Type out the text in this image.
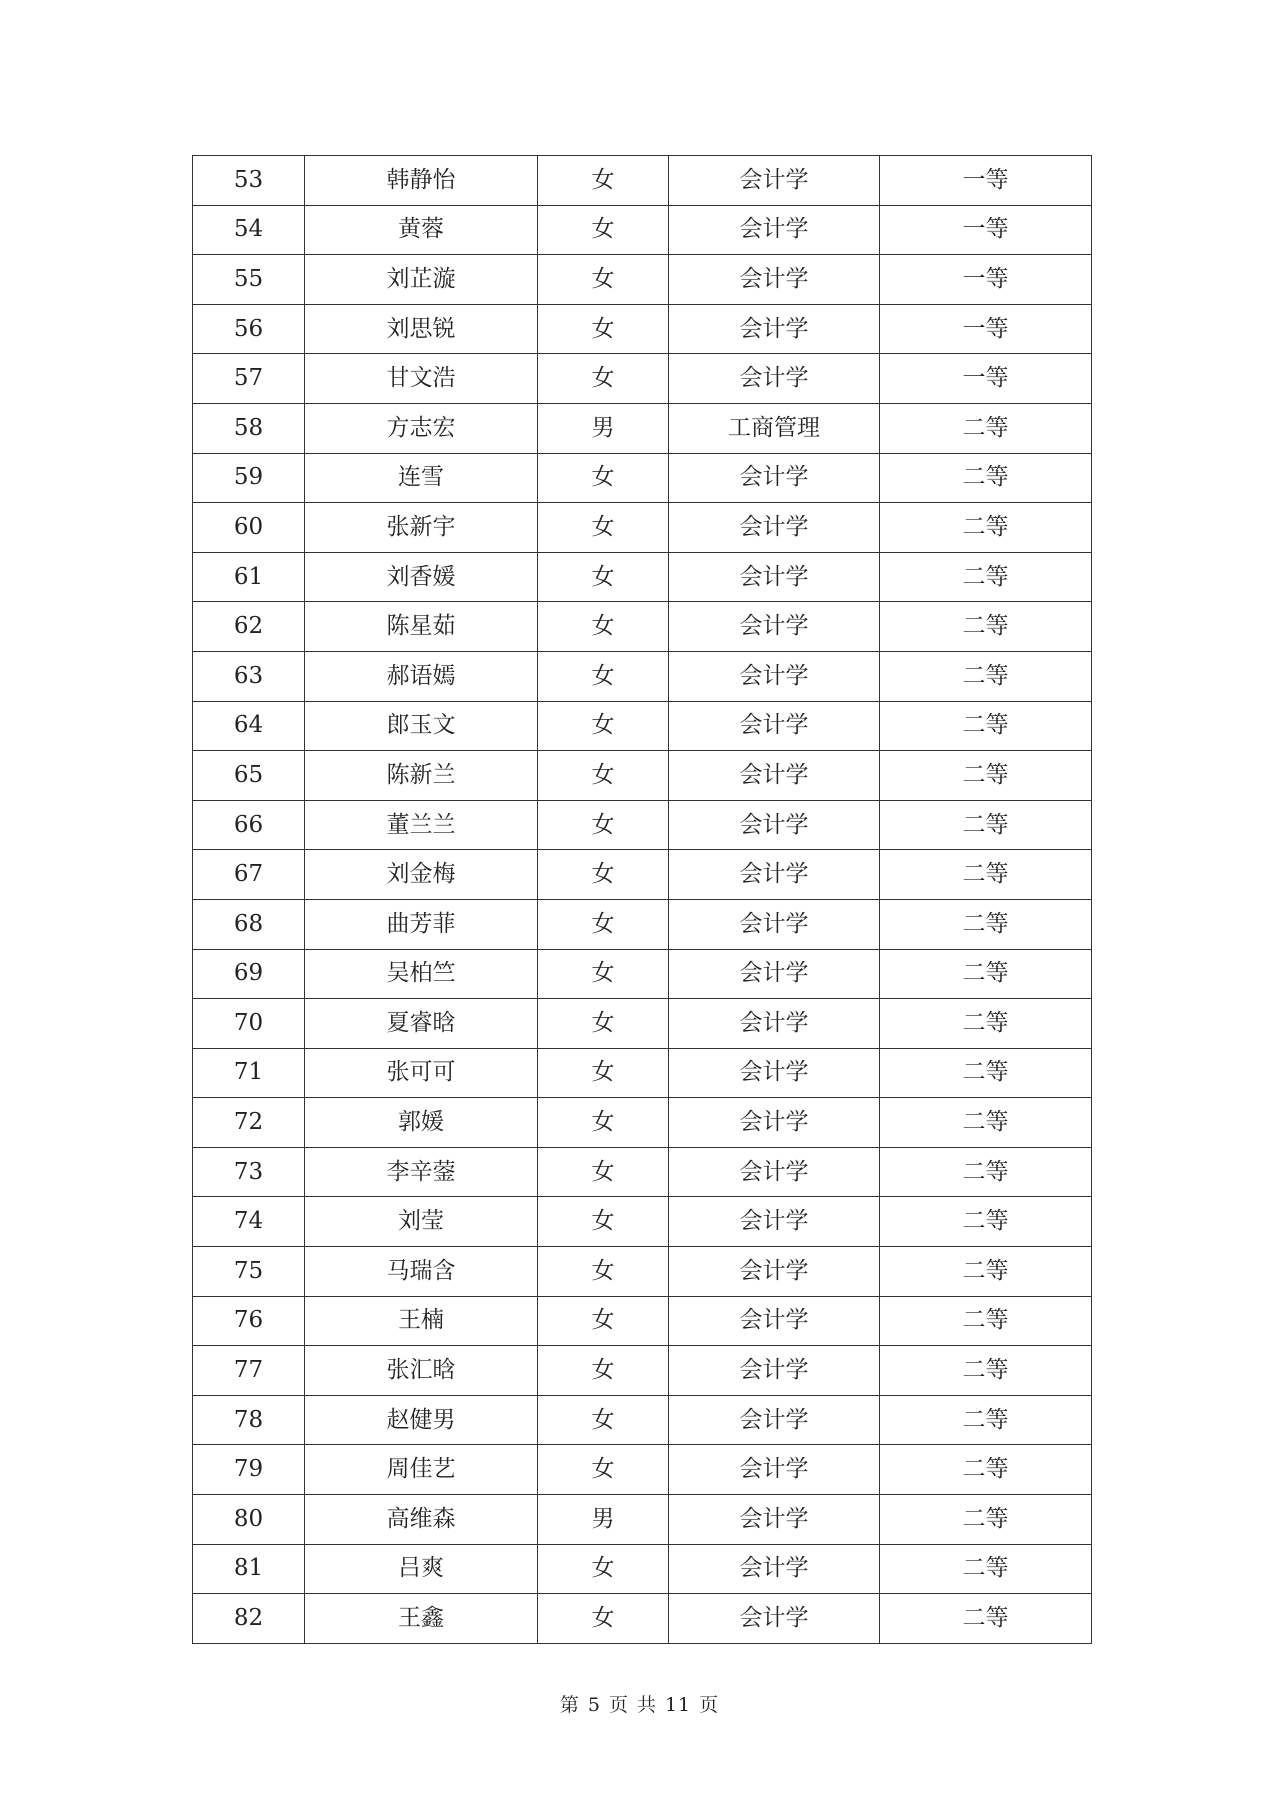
53	韩静怡	女	会计学	一等
54	黄蓉	女	会计学	一等
55	刘芷漩	女	会计学	一等
56	刘思锐	女	会计学	一等
57	甘文浩	女	会计学	一等
58	方志宏	男	工商管理	二等
59	连雪	女	会计学	二等
60	张新宇	女	会计学	二等
61	刘香媛	女	会计学	二等
62	陈星茹	女	会计学	二等
63	郝语嫣	女	会计学	二等
64	郎玉文	女	会计学	二等
65	陈新兰	女	会计学	二等
66	董兰兰	女	会计学	二等
67	刘金梅	女	会计学	二等
68	曲芳菲	女	会计学	二等
69	吴柏竺	女	会计学	二等
70	夏睿晗	女	会计学	二等
71	张可可	女	会计学	二等
72	郭媛	女	会计学	二等
73	李辛蓥	女	会计学	二等
74	刘莹	女	会计学	二等
75	马瑞含	女	会计学	二等
76	王楠	女	会计学	二等
77	张汇晗	女	会计学	二等
78	赵健男	女	会计学	二等
79	周佳艺	女	会计学	二等
80	高维森	男	会计学	二等
81	吕爽	女	会计学	二等
82	王鑫	女	会计学	二等
第 5 页 共 11 页
